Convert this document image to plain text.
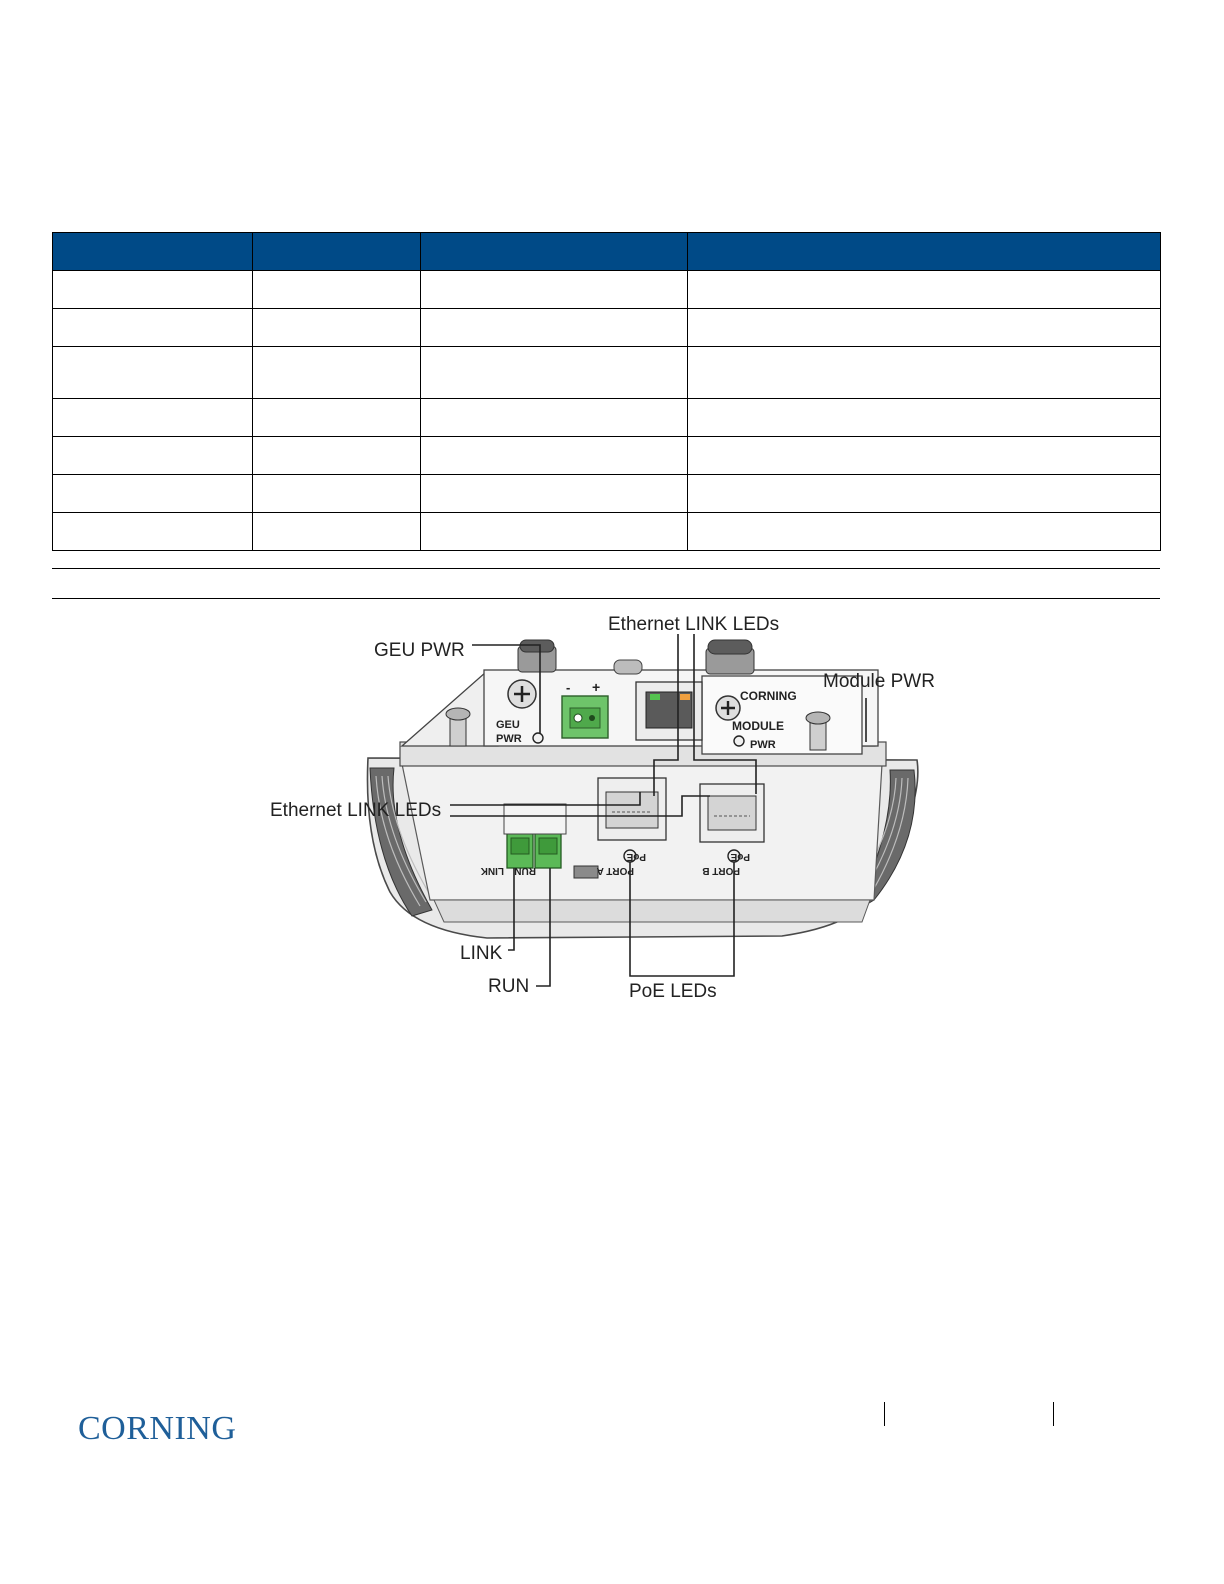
GEU
PWR
- +
CORNING
MODULE
PWR
LINK RUN
PoE
PORT A
PoE
PORT B
Ethernet LINK LEDs
GEU PWR
Module PWR
Ethernet LINK LEDs
LINK
RUN	PoE LEDs
CORNING
